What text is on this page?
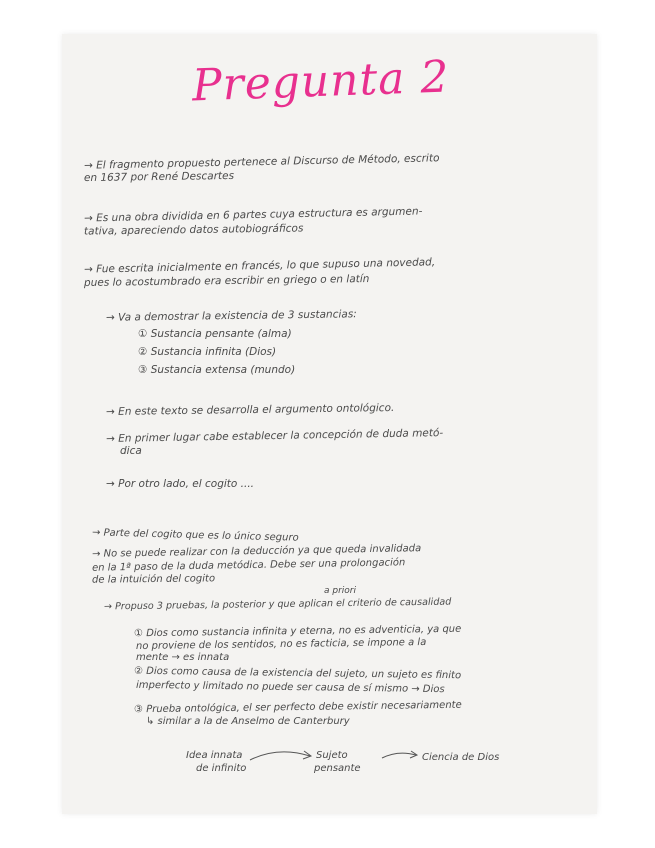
Pregunta 2
→ El fragmento propuesto pertenece al Discurso de Método, escrito
en 1637 por René Descartes
→ Es una obra dividida en 6 partes cuya estructura es argumen-
tativa, apareciendo datos autobiográficos
→ Fue escrita inicialmente en francés, lo que supuso una novedad,
pues lo acostumbrado era escribir en griego o en latín
→ Va a demostrar la existencia de 3 sustancias:
① Sustancia pensante (alma)
② Sustancia infinita (Dios)
③ Sustancia extensa (mundo)
→ En este texto se desarrolla el argumento ontológico.
→ En primer lugar cabe establecer la concepción de duda metó-
dica
→ Por otro lado, el cogito ....
→ Parte del cogito que es lo único seguro
→ No se puede realizar con la deducción ya que queda invalidada
en la 1ª paso de la duda metódica. Debe ser una prolongación
de la intuición del cogito
a priori
→ Propuso 3 pruebas, la posterior y que aplican el criterio de causalidad
① Dios como sustancia infinita y eterna, no es adventicia, ya que
no proviene de los sentidos, no es facticia, se impone a la
mente → es innata
② Dios como causa de la existencia del sujeto, un sujeto es finito
imperfecto y limitado no puede ser causa de sí mismo → Dios
③ Prueba ontológica, el ser perfecto debe existir necesariamente
↳ similar a la de Anselmo de Canterbury
Idea innata
de infinito
Sujeto
pensante
Ciencia de Dios
